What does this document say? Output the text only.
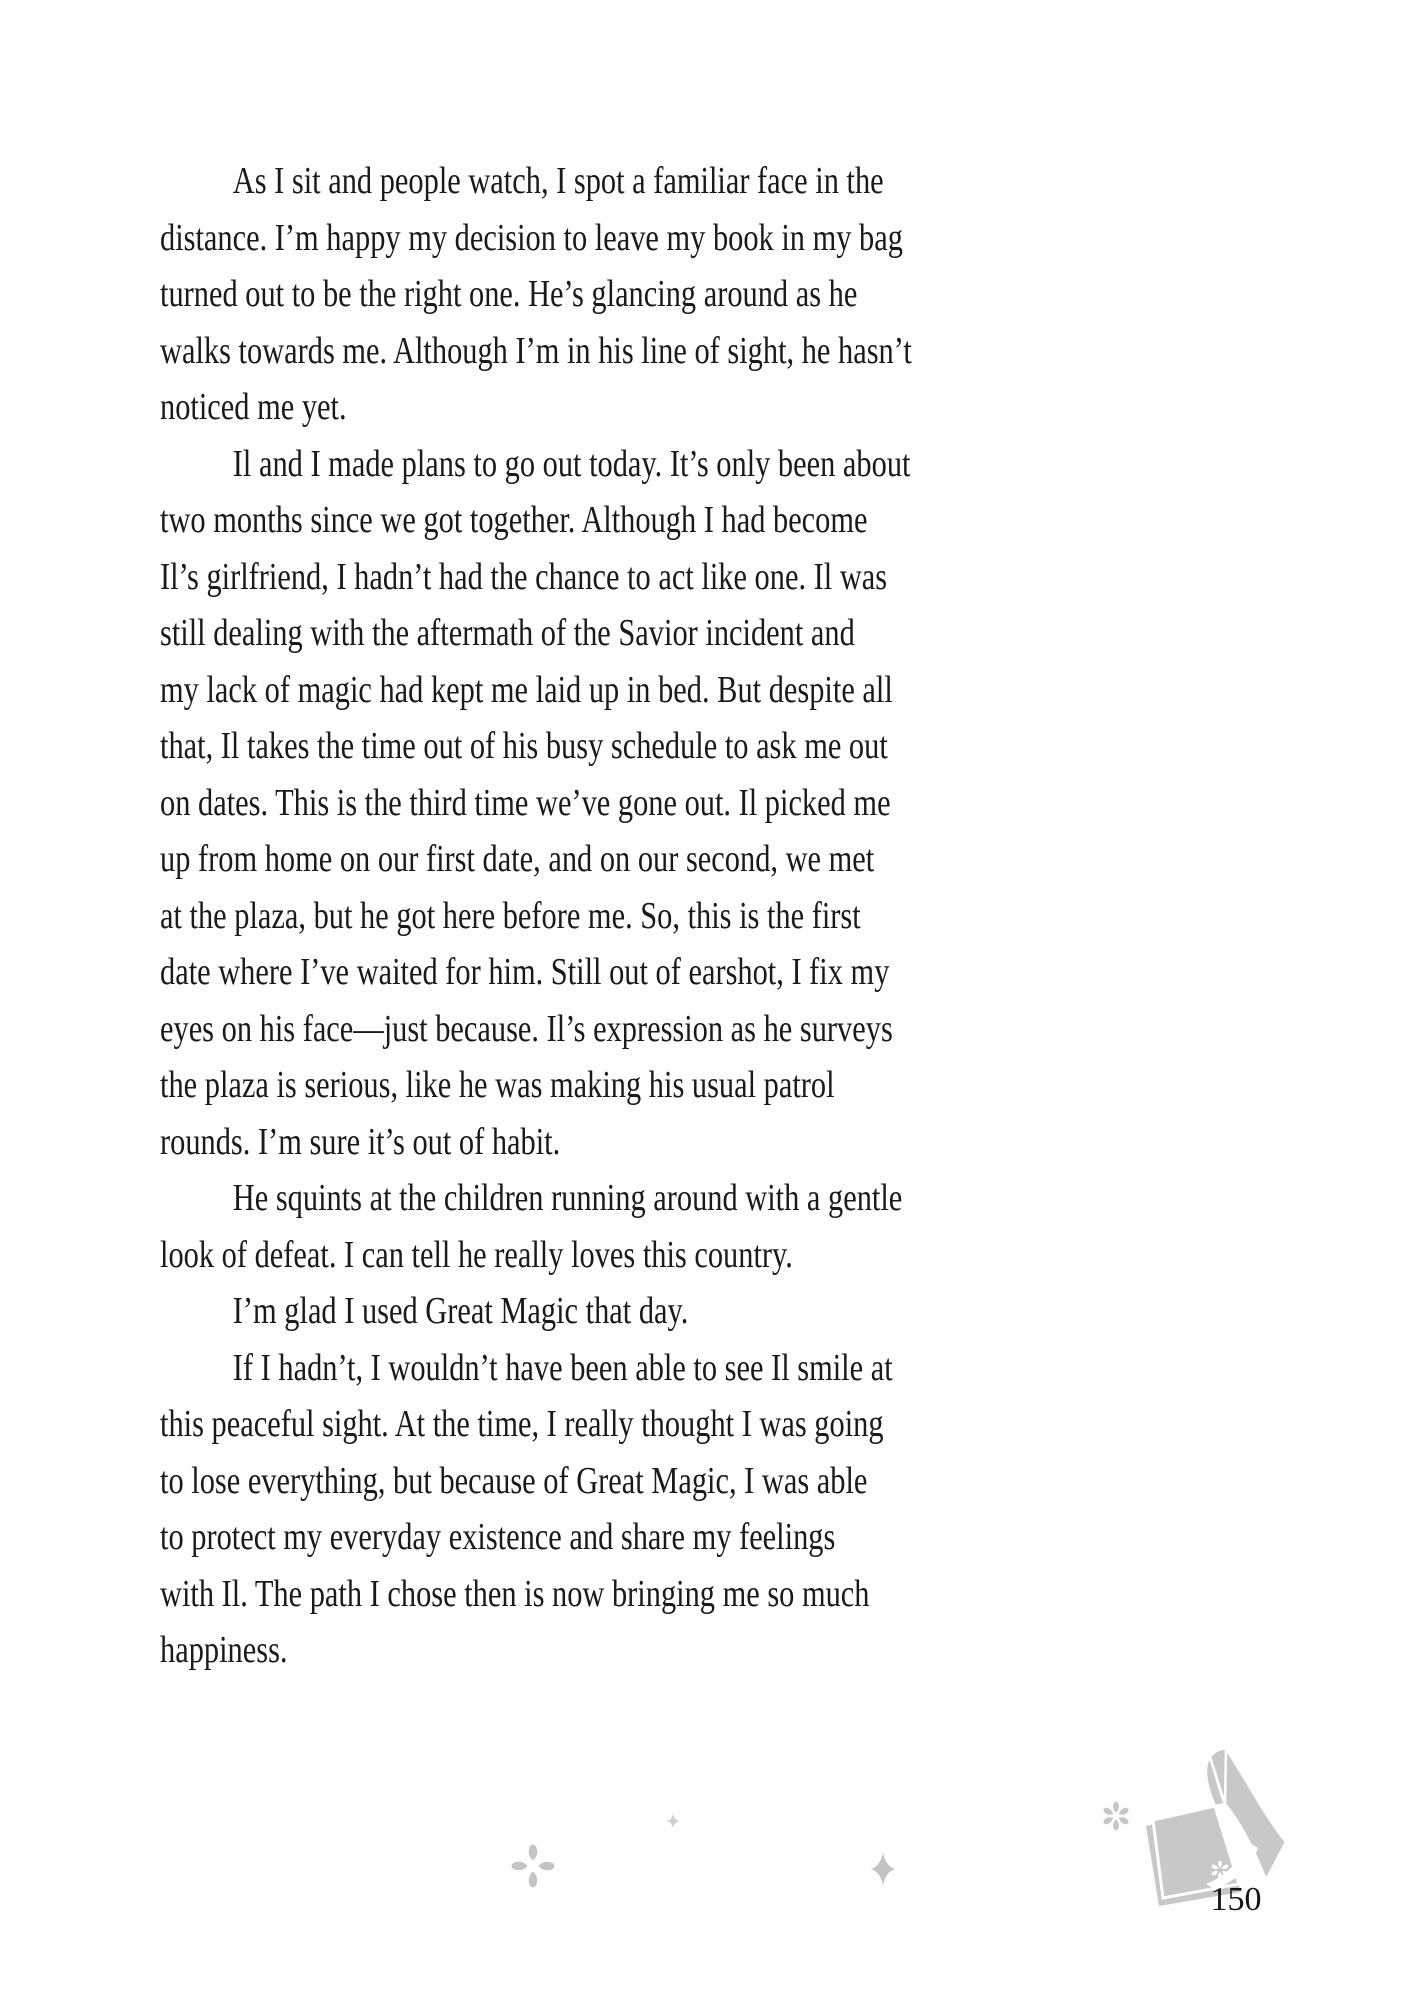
As I sit and people watch, I spot a familiar face in the
distance. I’m happy my decision to leave my book in my bag
turned out to be the right one. He’s glancing around as he
walks towards me. Although I’m in his line of sight, he hasn’t
noticed me yet.
Il and I made plans to go out today. It’s only been about
two months since we got together. Although I had become
Il’s girlfriend, I hadn’t had the chance to act like one. Il was
still dealing with the aftermath of the Savior incident and
my lack of magic had kept me laid up in bed. But despite all
that, Il takes the time out of his busy schedule to ask me out
on dates. This is the third time we’ve gone out. Il picked me
up from home on our first date, and on our second, we met
at the plaza, but he got here before me. So, this is the first
date where I’ve waited for him. Still out of earshot, I fix my
eyes on his face—just because. Il’s expression as he surveys
the plaza is serious, like he was making his usual patrol
rounds. I’m sure it’s out of habit.
He squints at the children running around with a gentle
look of defeat. I can tell he really loves this country.
I’m glad I used Great Magic that day.
If I hadn’t, I wouldn’t have been able to see Il smile at
this peaceful sight. At the time, I really thought I was going
to lose everything, but because of Great Magic, I was able
to protect my everyday existence and share my feelings
with Il. The path I chose then is now bringing me so much
happiness.
150
